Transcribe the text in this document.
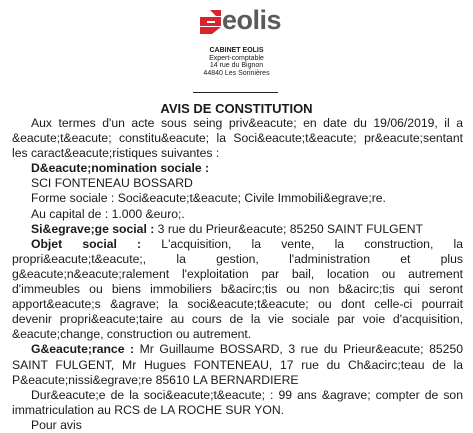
eolis
CABINET EOLIS
Expert-comptable
14 rue du Bignon
44840 Les Sorinières
AVIS DE CONSTITUTION

Aux termes d'un acte sous seing priv&eacute; en date du 19/06/2019, il a &eacute;t&eacute; constitu&eacute; la Soci&eacute;t&eacute; pr&eacute;sentant les caract&eacute;ristiques suivantes :

D&eacute;nomination sociale :

SCI FONTENEAU BOSSARD

Forme sociale : Soci&eacute;t&eacute; Civile Immobili&egrave;re.

Au capital de : 1.000 &euro;.

Si&egrave;ge social : 3 rue du Prieur&eacute; 85250 SAINT FULGENT

Objet social : L'acquisition, la vente, la construction, la propri&eacute;t&eacute;, la gestion, l'administration et plus g&eacute;n&eacute;ralement l'exploitation par bail, location ou autrement d'immeubles ou biens immobiliers b&acirc;tis ou non b&acirc;tis qui seront apport&eacute;s &agrave; la soci&eacute;t&eacute; ou dont celle-ci pourrait devenir propri&eacute;taire au cours de la vie sociale par voie d'acquisition, &eacute;change, construction ou autrement.

G&eacute;rance : Mr Guillaume BOSSARD, 3 rue du Prieur&eacute; 85250 SAINT FULGENT, Mr Hugues FONTENEAU, 17 rue du Ch&acirc;teau de la P&eacute;nissi&egrave;re 85610 LA BERNARDIERE

Dur&eacute;e de la soci&eacute;t&eacute; : 99 ans &agrave; compter de son immatriculation au RCS de LA ROCHE SUR YON.

Pour avis
